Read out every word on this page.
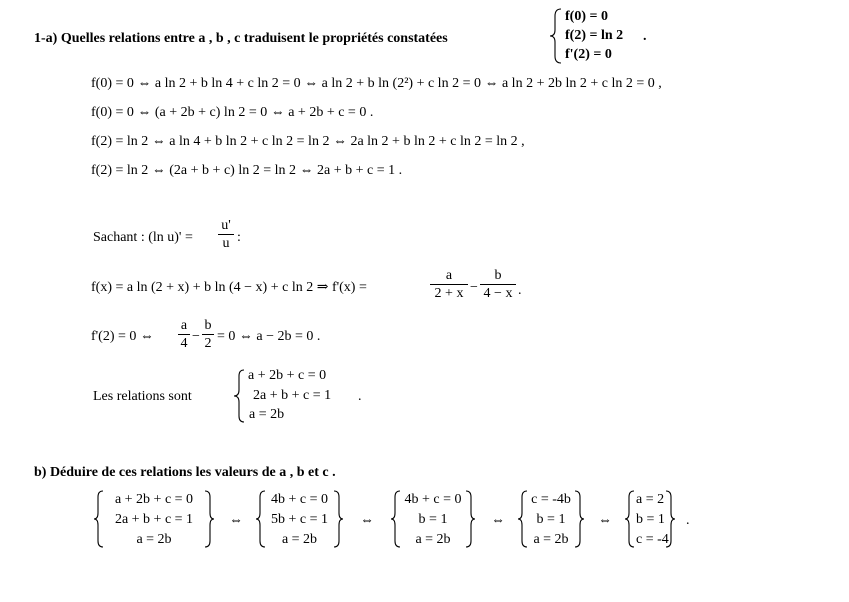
1-a) Quelles relations entre a , b , c traduisent le propriétés constatées
f(0) = 0
f(2) = ln 2
f'(2) = 0
.
f(0) = 0 ⇔ a ln 2 + b ln 4 + c ln 2 = 0 ⇔ a ln 2 + b ln (2²) + c ln 2 = 0 ⇔ a ln 2 + 2b ln 2 + c ln 2 = 0 ,
f(0) = 0 ⇔ (a + 2b + c) ln 2 = 0 ⇔ a + 2b + c = 0 .
f(2) = ln 2 ⇔ a ln 4 + b ln 2 + c ln 2 = ln 2 ⇔ 2a ln 2 + b ln 2 + c ln 2 = ln 2 ,
f(2) = ln 2 ⇔ (2a + b + c) ln 2 = ln 2 ⇔ 2a + b + c = 1 .
Sachant : (ln u)' =
u'
u :
f(x) = a ln (2 + x) + b ln (4 − x) + c ln 2 ⇒ f'(x) =
a
2 + x −
b
4 − x .
f'(2) = 0 ⇔
a
4 −
b
2 = 0 ⇔ a − 2b = 0 .
Les relations sont
a + 2b + c = 0
2a + b + c = 1
a = 2b
.
b) Déduire de ces relations les valeurs de a , b et c .
a + 2b + c = 0
2a + b + c = 1
a = 2b
4b + c = 0
5b + c = 1
a = 2b
4b + c = 0
b = 1
a = 2b
c = -4b
b = 1
a = 2b
a = 2
b = 1
c = -4
⇔	⇔	⇔	⇔	.
